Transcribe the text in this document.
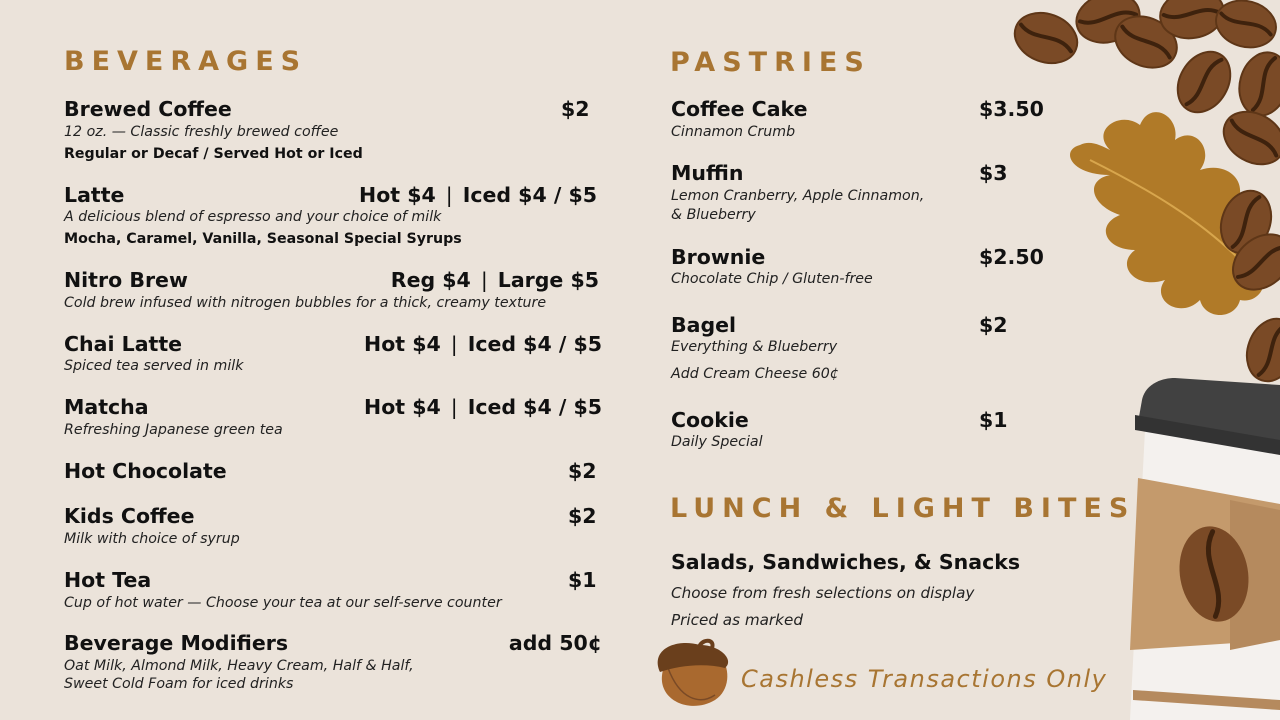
BEVERAGES
Brewed Coffee	$2
12 oz. — Classic freshly brewed coffee
Regular or Decaf / Served Hot or Iced
Latte	Hot $4 | Iced $4 / $5
A delicious blend of espresso and your choice of milk
Mocha, Caramel, Vanilla, Seasonal Special Syrups
Nitro Brew	Reg $4 | Large $5
Cold brew infused with nitrogen bubbles for a thick, creamy texture
Chai Latte	Hot $4 | Iced $4 / $5
Spiced tea served in milk
Matcha	Hot $4 | Iced $4 / $5
Refreshing Japanese green tea
Hot Chocolate	$2
Kids Coffee	$2
Milk with choice of syrup
Hot Tea	$1
Cup of hot water — Choose your tea at our self-serve counter
Beverage Modifiers	add 50¢
Oat Milk, Almond Milk, Heavy Cream, Half & Half,
Sweet Cold Foam for iced drinks
PASTRIES
Coffee Cake	$3.50
Cinnamon Crumb
Muffin	$3
Lemon Cranberry, Apple Cinnamon,
& Blueberry
Brownie	$2.50
Chocolate Chip / Gluten-free
Bagel	$2
Everything & Blueberry
Add Cream Cheese 60¢
Cookie	$1
Daily Special
LUNCH & LIGHT BITES
Salads, Sandwiches, & Snacks
Choose from fresh selections on display
Priced as marked
Cashless Transactions Only
